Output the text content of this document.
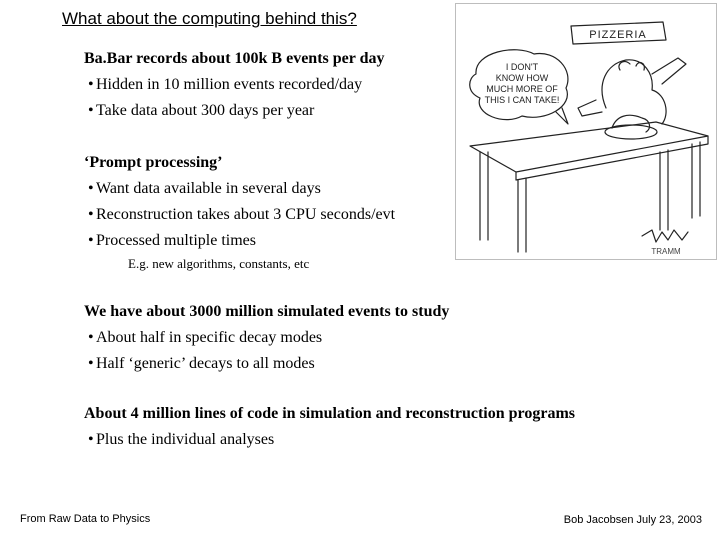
What about the computing behind this?

Ba.Bar records about 100k B events per day

• Hidden in 10 million events recorded/day
• Take data about 300 days per year

‘Prompt processing’

• Want data available in several days
• Reconstruction takes about 3 CPU seconds/evt
• Processed multiple times

E.g. new algorithms, constants, etc

We have about 3000 million simulated events to study

• About half in specific decay modes
• Half ‘generic’ decays to all modes

About 4 million lines of code in simulation and reconstruction programs

• Plus the individual analyses
I DON'T
KNOW HOW
MUCH MORE OF
THIS I CAN TAKE!
PIZZERIA
TRAMM
From Raw Data to Physics	Bob Jacobsen July 23, 2003
